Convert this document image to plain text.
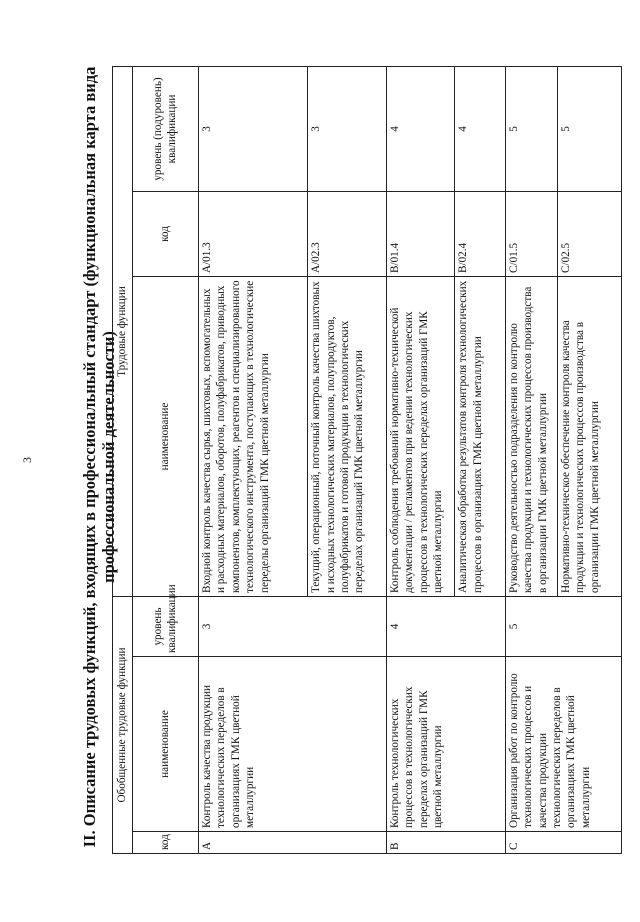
3	II. Описание трудовых функций, входящих в профессиональный стандарт (функциональная карта вида профессиональной деятельности)
Обобщенные трудовые функции			Трудовые функции		
код	наименование	уровень квалификации	наименование	код	уровень (подуровень) квалификации
A	Контроль качества продукции технологических переделов в организациях ГМК цветной металлургии	3	Входной контроль качества сырья, шихтовых, вспомогательных и расходных материалов, оборотов, полуфабрикатов, приводных компонентов, комплектующих, реагентов и специализированного технологического инструмента, поступающих в технологические переделы организаций ГМК цветной металлургии	A/01.3	3
			Текущий, операционный, поточный контроль качества шихтовых и исходных технологических материалов, полупродуктов, полуфабрикатов и готовой продукции в технологических переделах организаций ГМК цветной металлургии	A/02.3	3
B	Контроль технологических процессов в технологических переделах организаций ГМК цветной металлургии	4	Контроль соблюдения требований нормативно-технической документации / регламентов при ведении технологических процессов в технологических переделах организаций ГМК цветной металлургии	B/01.4	4
			Аналитическая обработка результатов контроля технологических процессов в организациях ГМК цветной металлургии	B/02.4	4
C	Организация работ по контролю технологических процессов и качества продукции технологических переделов в организациях ГМК цветной металлургии	5	Руководство деятельностью подразделения по контролю качества продукции и технологических процессов производства в организации ГМК цветной металлургии	C/01.5	5
			Нормативно-техническое обеспечение контроля качества продукции и технологических процессов производства в организации ГМК цветной металлургии	C/02.5	5
